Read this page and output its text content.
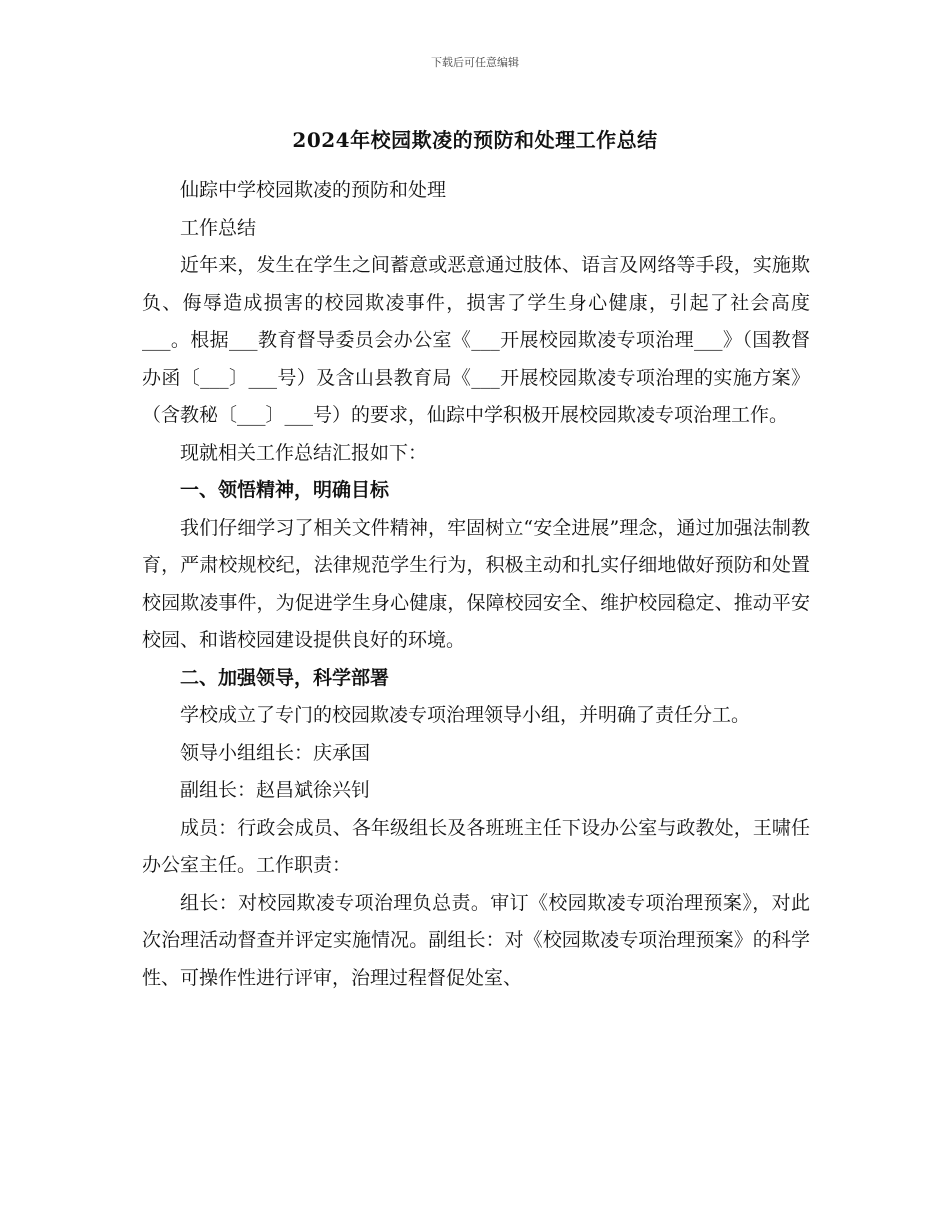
下载后可任意编辑
2024年校园欺凌的预防和处理工作总结

仙踪中学校园欺凌的预防和处理

工作总结

近年来，发生在学生之间蓄意或恶意通过肢体、语言及网络等手段，实施欺负、侮辱造成损害的校园欺凌事件，损害了学生身心健康，引起了社会高度___。根据___教育督导委员会办公室《___开展校园欺凌专项治理___》（国教督办函〔___〕___号）及含山县教育局《___开展校园欺凌专项治理的实施方案》（含教秘〔___〕___号）的要求，仙踪中学积极开展校园欺凌专项治理工作。

现就相关工作总结汇报如下：

一、领悟精神，明确目标

我们仔细学习了相关文件精神，牢固树立“安全进展”理念，通过加强法制教育，严肃校规校纪，法律规范学生行为，积极主动和扎实仔细地做好预防和处置校园欺凌事件，为促进学生身心健康，保障校园安全、维护校园稳定、推动平安校园、和谐校园建设提供良好的环境。

二、加强领导，科学部署

学校成立了专门的校园欺凌专项治理领导小组，并明确了责任分工。

领导小组组长：庆承国

副组长：赵昌斌徐兴钊

成员：行政会成员、各年级组长及各班班主任下设办公室与政教处，王啸任办公室主任。工作职责：

组长：对校园欺凌专项治理负总责。审订《校园欺凌专项治理预案》，对此次治理活动督查并评定实施情况。副组长：对《校园欺凌专项治理预案》的科学性、可操作性进行评审，治理过程督促处室、
